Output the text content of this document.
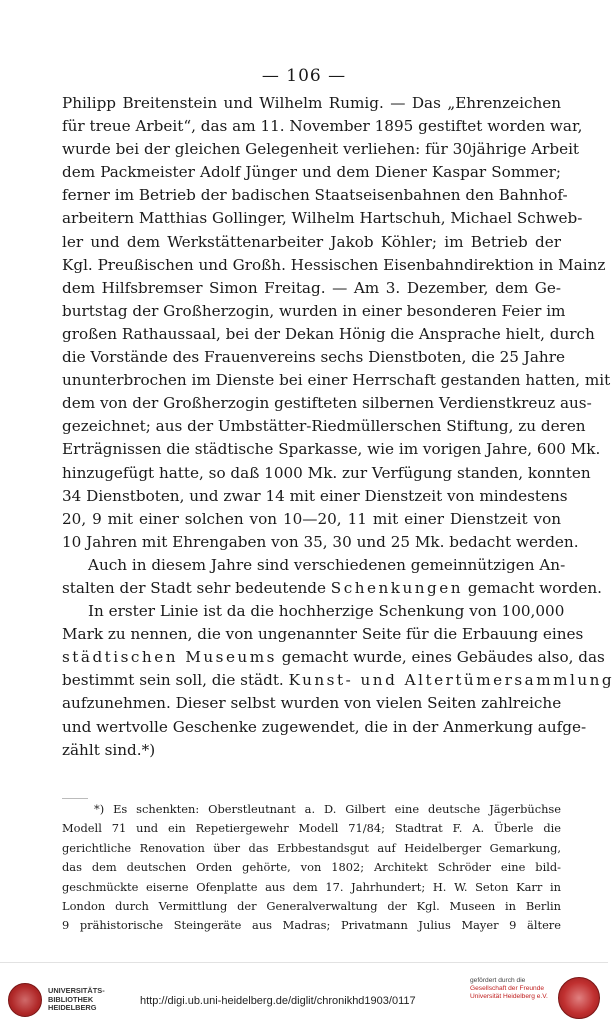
— 106 —
Philipp Breitenstein und Wilhelm Rumig. — Das „Ehrenzeichen
für treue Arbeit“, das am 11. November 1895 gestiftet worden war,
wurde bei der gleichen Gelegenheit verliehen: für 30jährige Arbeit
dem Packmeister Adolf Jünger und dem Diener Kaspar Sommer;
ferner im Betrieb der badischen Staatseisenbahnen den Bahnhof-
arbeitern Matthias Gollinger, Wilhelm Hartschuh, Michael Schweb-
ler und dem Werkstättenarbeiter Jakob Köhler; im Betrieb der
Kgl. Preußischen und Großh. Hessischen Eisenbahndirektion in Mainz
dem Hilfsbremser Simon Freitag. — Am 3. Dezember, dem Ge-
burtstag der Großherzogin, wurden in einer besonderen Feier im
großen Rathaussaal, bei der Dekan Hönig die Ansprache hielt, durch
die Vorstände des Frauenvereins sechs Dienstboten, die 25 Jahre
ununterbrochen im Dienste bei einer Herrschaft gestanden hatten, mit
dem von der Großherzogin gestifteten silbernen Verdienstkreuz aus-
gezeichnet; aus der Umbstätter-Riedmüllerschen Stiftung, zu deren
Erträgnissen die städtische Sparkasse, wie im vorigen Jahre, 600 Mk.
hinzugefügt hatte, so daß 1000 Mk. zur Verfügung standen, konnten
34 Dienstboten, und zwar 14 mit einer Dienstzeit von mindestens
20, 9 mit einer solchen von 10—20, 11 mit einer Dienstzeit von
10 Jahren mit Ehrengaben von 35, 30 und 25 Mk. bedacht werden.
Auch in diesem Jahre sind verschiedenen gemeinnützigen An-
stalten der Stadt sehr bedeutende Schenkungen gemacht worden.
In erster Linie ist da die hochherzige Schenkung von 100,000
Mark zu nennen, die von ungenannter Seite für die Erbauung eines
städtischen Museums gemacht wurde, eines Gebäudes also, das
bestimmt sein soll, die städt. Kunst- und Altertümersammlung
aufzunehmen. Dieser selbst wurden von vielen Seiten zahlreiche
und wertvolle Geschenke zugewendet, die in der Anmerkung aufge-
zählt sind.*)
*) Es schenkten: Oberstleutnant a. D. Gilbert eine deutsche Jägerbüchse
Modell 71 und ein Repetiergewehr Modell 71/84; Stadtrat F. A. Überle die
gerichtliche Renovation über das Erbbestandsgut auf Heidelberger Gemarkung,
das dem deutschen Orden gehörte, von 1802; Architekt Schröder eine bild-
geschmückte eiserne Ofenplatte aus dem 17. Jahrhundert; H. W. Seton Karr in
London durch Vermittlung der Generalverwaltung der Kgl. Museen in Berlin
9 prähistorische Steingeräte aus Madras; Privatmann Julius Mayer 9 ältere
UNIVERSITÄTS-
BIBLIOTHEK
HEIDELBERG
http://digi.ub.uni-heidelberg.de/diglit/chronikhd1903/0117
gefördert durch die
Gesellschaft der Freunde
Universität Heidelberg e.V.
